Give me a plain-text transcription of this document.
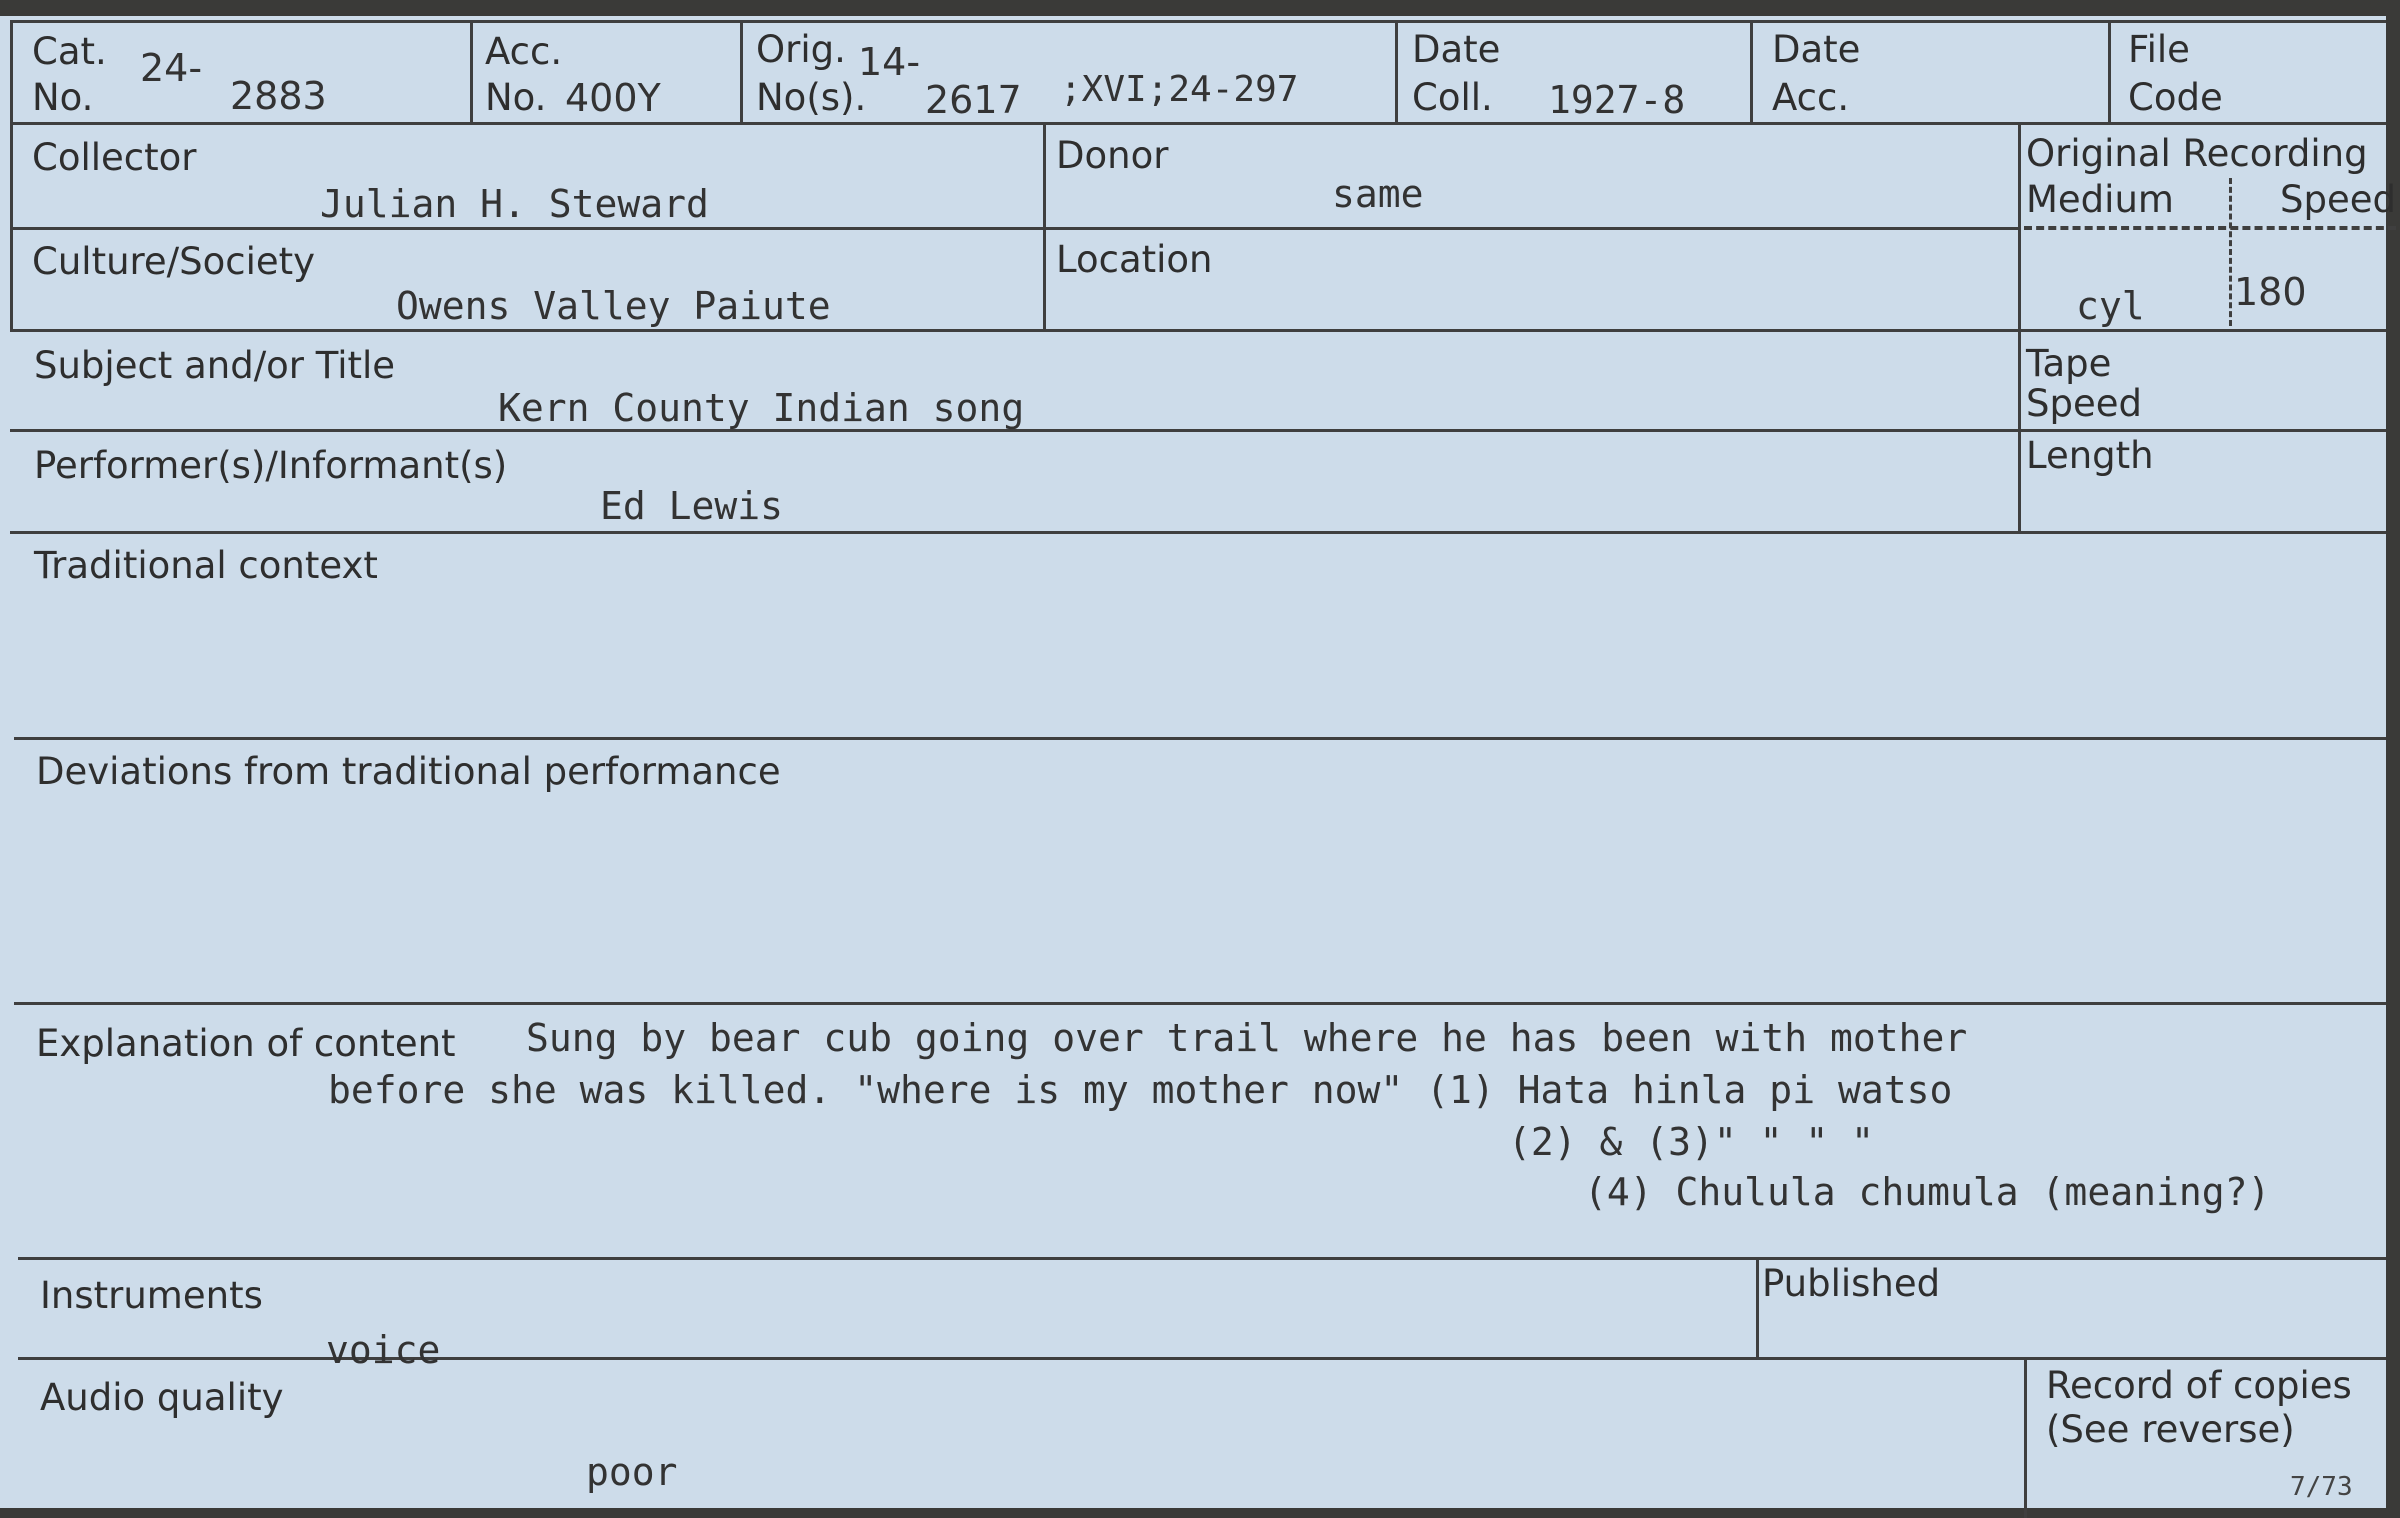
Cat.
No.
24-
2883
Acc.
No. 400Y
Orig.
No(s).
14-
2617 ;XVI;24-297
Date
Coll. 1927-8
Date
Acc.
File
Code
Collector
Julian H. Steward
Donor
same
Original Recording
Medium	Speed
Culture/Society
Owens Valley Paiute
Location
cyl 180
Subject and/or Title
Kern County Indian song
Tape
Speed
Performer(s)/Informant(s)
Ed Lewis
Length
Traditional context
Deviations from traditional performance
Explanation of content Sung by bear cub going over trail where he has been with mother
before she was killed. "where is my mother now" (1) Hata hinla pi watso
(2) & (3)" " " "
(4) Chulula chumula (meaning?)
Instruments
voice
Published
Audio quality
poor
Record of copies
(See reverse)
7/73
